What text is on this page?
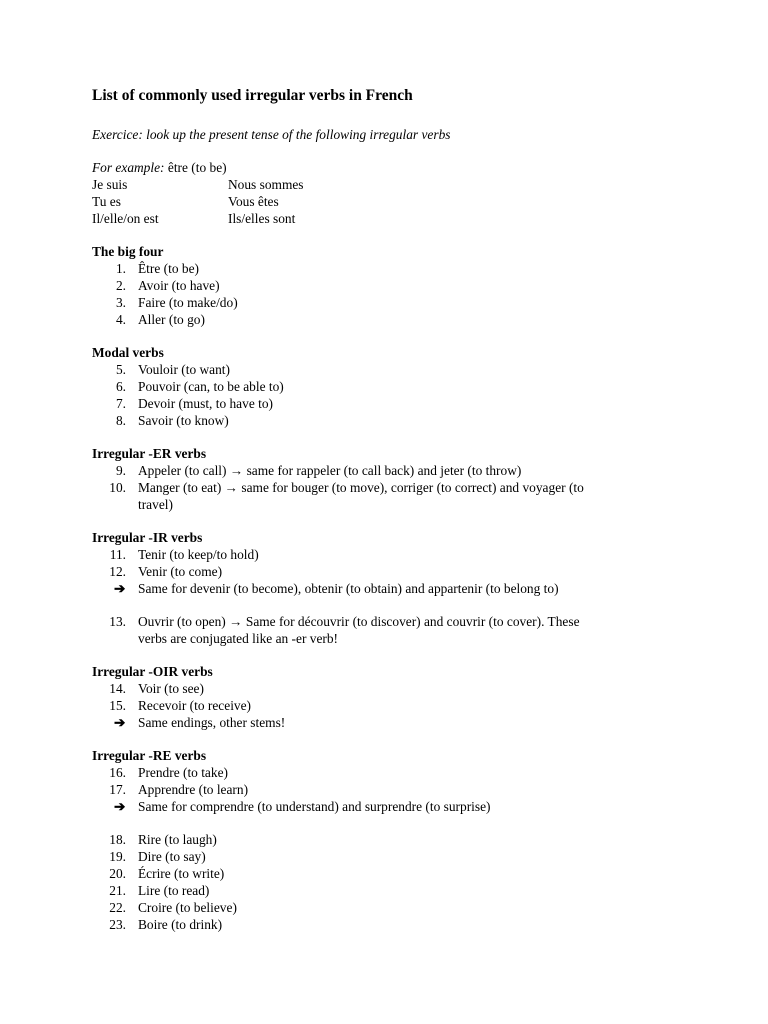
List of commonly used irregular verbs in French
Exercice: look up the present tense of the following irregular verbs
For example: être (to be)
Je suis	Nous sommes
Tu es	Vous êtes
Il/elle/on est	Ils/elles sont
The big four
1. Être (to be)
2. Avoir (to have)
3. Faire (to make/do)
4. Aller (to go)
Modal verbs
5. Vouloir (to want)
6. Pouvoir (can, to be able to)
7. Devoir (must, to have to)
8. Savoir (to know)
Irregular -ER verbs
9. Appeler (to call) → same for rappeler (to call back) and jeter (to throw)
10. Manger (to eat) → same for bouger (to move), corriger (to correct) and voyager (to
travel)
Irregular -IR verbs
11. Tenir (to keep/to hold)
12. Venir (to come)
➔ Same for devenir (to become), obtenir (to obtain) and appartenir (to belong to)
13. Ouvrir (to open) → Same for découvrir (to discover) and couvrir (to cover). These
verbs are conjugated like an -er verb!
Irregular -OIR verbs
14. Voir (to see)
15. Recevoir (to receive)
➔ Same endings, other stems!
Irregular -RE verbs
16. Prendre (to take)
17. Apprendre (to learn)
➔ Same for comprendre (to understand) and surprendre (to surprise)
18. Rire (to laugh)
19. Dire (to say)
20. Écrire (to write)
21. Lire (to read)
22. Croire (to believe)
23. Boire (to drink)
